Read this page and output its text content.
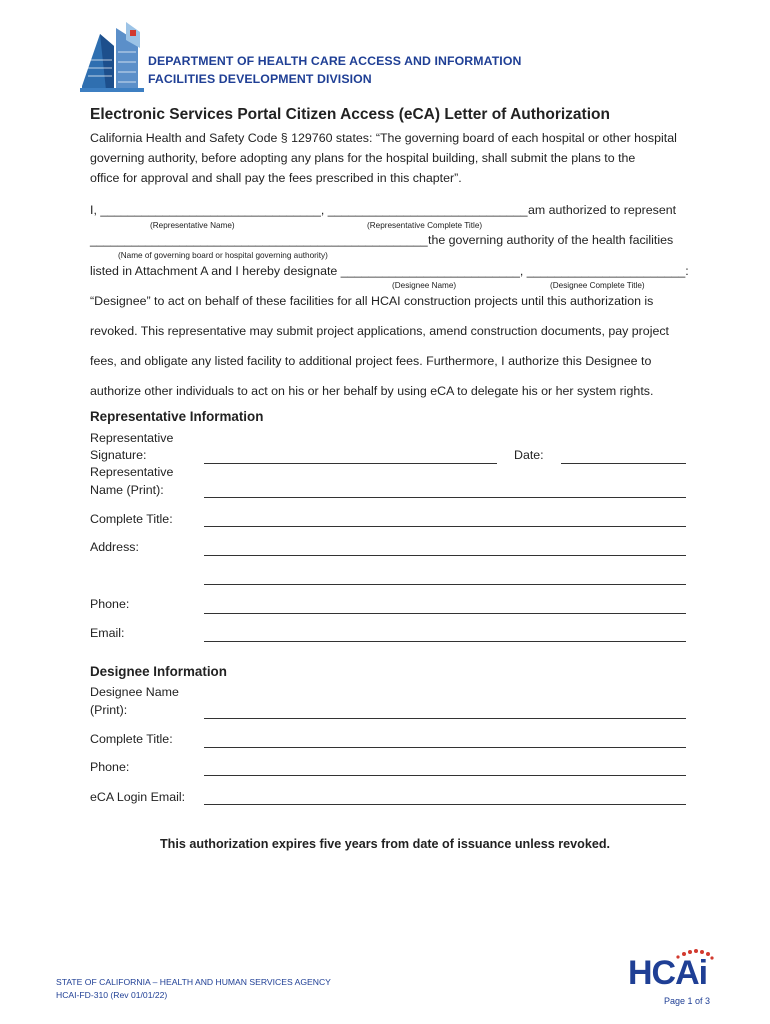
DEPARTMENT OF HEALTH CARE ACCESS AND INFORMATION
FACILITIES DEVELOPMENT DIVISION
Electronic Services Portal Citizen Access (eCA) Letter of Authorization
California Health and Safety Code § 129760 states: “The governing board of each hospital or other hospital
governing authority, before adopting any plans for the hospital building, shall submit the plans to the
office for approval and shall pay the fees prescribed in this chapter”.
I, ________________________________, _____________________________ am authorized to represent
(Representative Name)	(Representative Complete Title)
_________________________________________________ the governing authority of the health facilities
(Name of governing board or hospital governing authority)
listed in Attachment A and I hereby designate __________________________, _______________________:
(Designee Name)	(Designee Complete Title)
“Designee” to act on behalf of these facilities for all HCAI construction projects until this authorization is
revoked. This representative may submit project applications, amend construction documents, pay project
fees, and obligate any listed facility to additional project fees. Furthermore, I authorize this Designee to
authorize other individuals to act on his or her behalf by using eCA to delegate his or her system rights.
Representative Information
Representative
Signature:	Date:
Representative
Name (Print):
Complete Title:
Address:
Phone:
Email:
Designee Information
Designee Name
(Print):
Complete Title:
Phone:
eCA Login Email:
This authorization expires five years from date of issuance unless revoked.
STATE OF CALIFORNIA – HEALTH AND HUMAN SERVICES AGENCY
HCAI-FD-310 (Rev 01/01/22)
HCAi
Page 1 of 3
